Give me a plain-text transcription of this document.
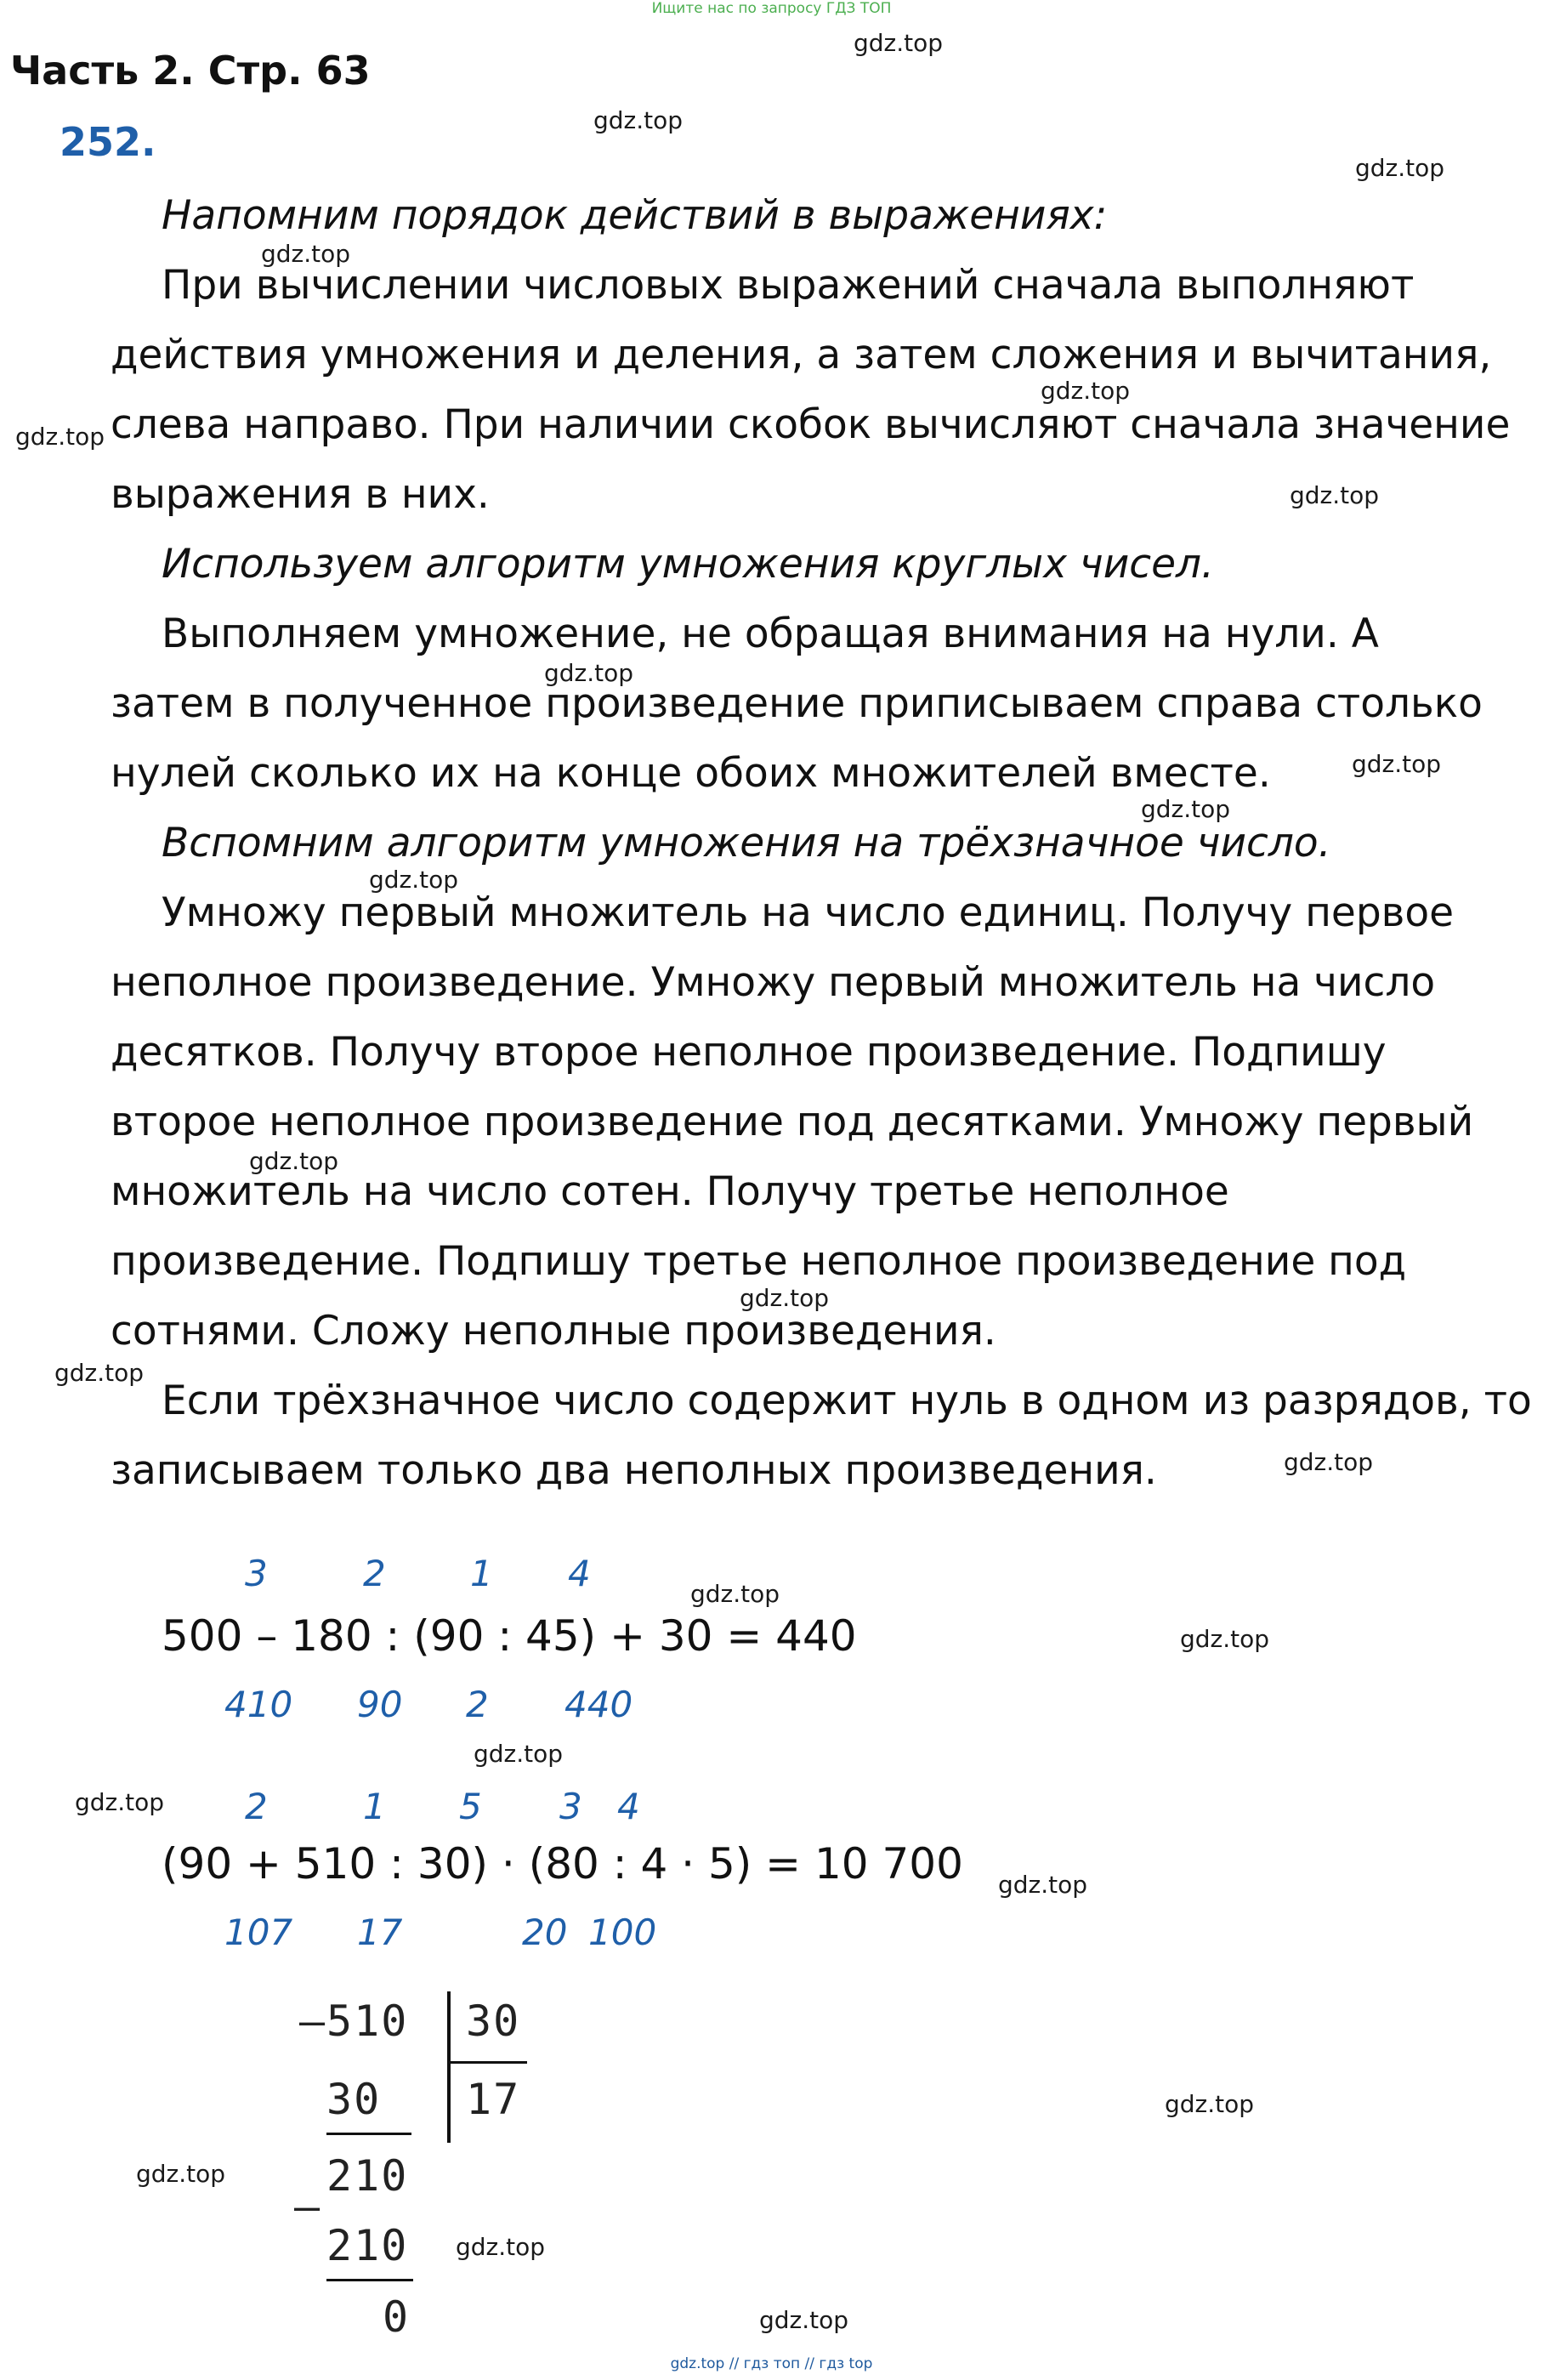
Ищите нас по запросу ГДЗ ТОП
gdz.top
gdz.top
gdz.top
gdz.top
gdz.top
gdz.top
gdz.top
gdz.top
gdz.top
gdz.top
gdz.top
gdz.top
gdz.top
gdz.top
gdz.top
gdz.top
gdz.top
gdz.top
gdz.top
gdz.top
gdz.top
gdz.top
gdz.top
gdz.top
Часть 2. Стр. 63
252.
Напомним порядок действий в выражениях:
При вычислении числовых выражений сначала выполняют
действия умножения и деления, а затем сложения и вычитания,
слева направо. При наличии скобок вычисляют сначала значение
выражения в них.
Используем алгоритм умножения круглых чисел.
Выполняем умножение, не обращая внимания на нули. А
затем в полученное произведение приписываем справа столько
нулей сколько их на конце обоих множителей вместе.
Вспомним алгоритм умножения на трёхзначное число.
Умножу первый множитель на число единиц. Получу первое
неполное произведение. Умножу первый множитель на число
десятков. Получу второе неполное произведение. Подпишу
второе неполное произведение под десятками. Умножу первый
множитель на число сотен. Получу третье неполное
произведение. Подпишу третье неполное произведение под
сотнями. Сложу неполные произведения.
Если трёхзначное число содержит нуль в одном из разрядов, то
записываем только два неполных произведения.
3	2 1 4
500 – 180 : (90 : 45) + 30 = 440
410 90 2 440
2	1 5 3 4
(90 + 510 : 30) · (80 : 4 · 5) = 10 700
107 17	20 100
– 510 30
30 17
210
–
210
0
gdz.top // гдз топ // гдз top
